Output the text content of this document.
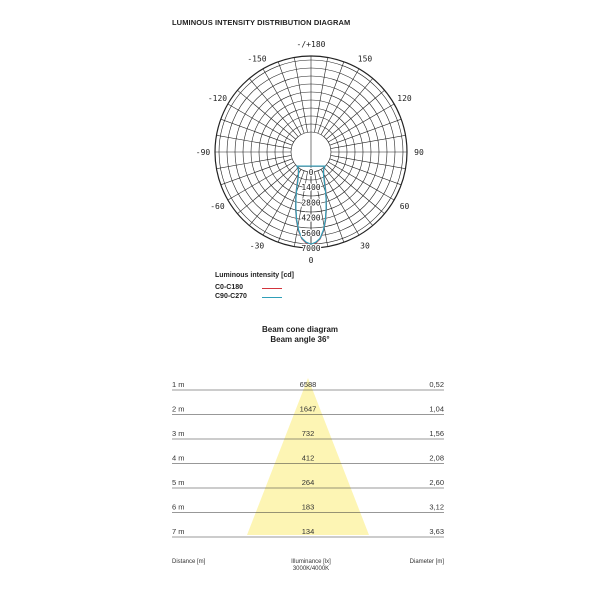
LUMINOUS INTENSITY DISTRIBUTION DIAGRAM
-/+180
-150	150
-120	120
-90	90
-60	60
-30	30
0
0
1400
2800
4200
5600
7000
Luminous intensity [cd]
C0-C180
C90-C270
Beam cone diagram
Beam angle 36°
1 m	6588	0,52
2 m	1647	1,04
3 m	732	1,56
4 m	412	2,08
5 m	264	2,60
6 m	183	3,12
7 m	134	3,63
Distance [m]	Illuminance [lx]
3000K/4000K
Diameter [m]
